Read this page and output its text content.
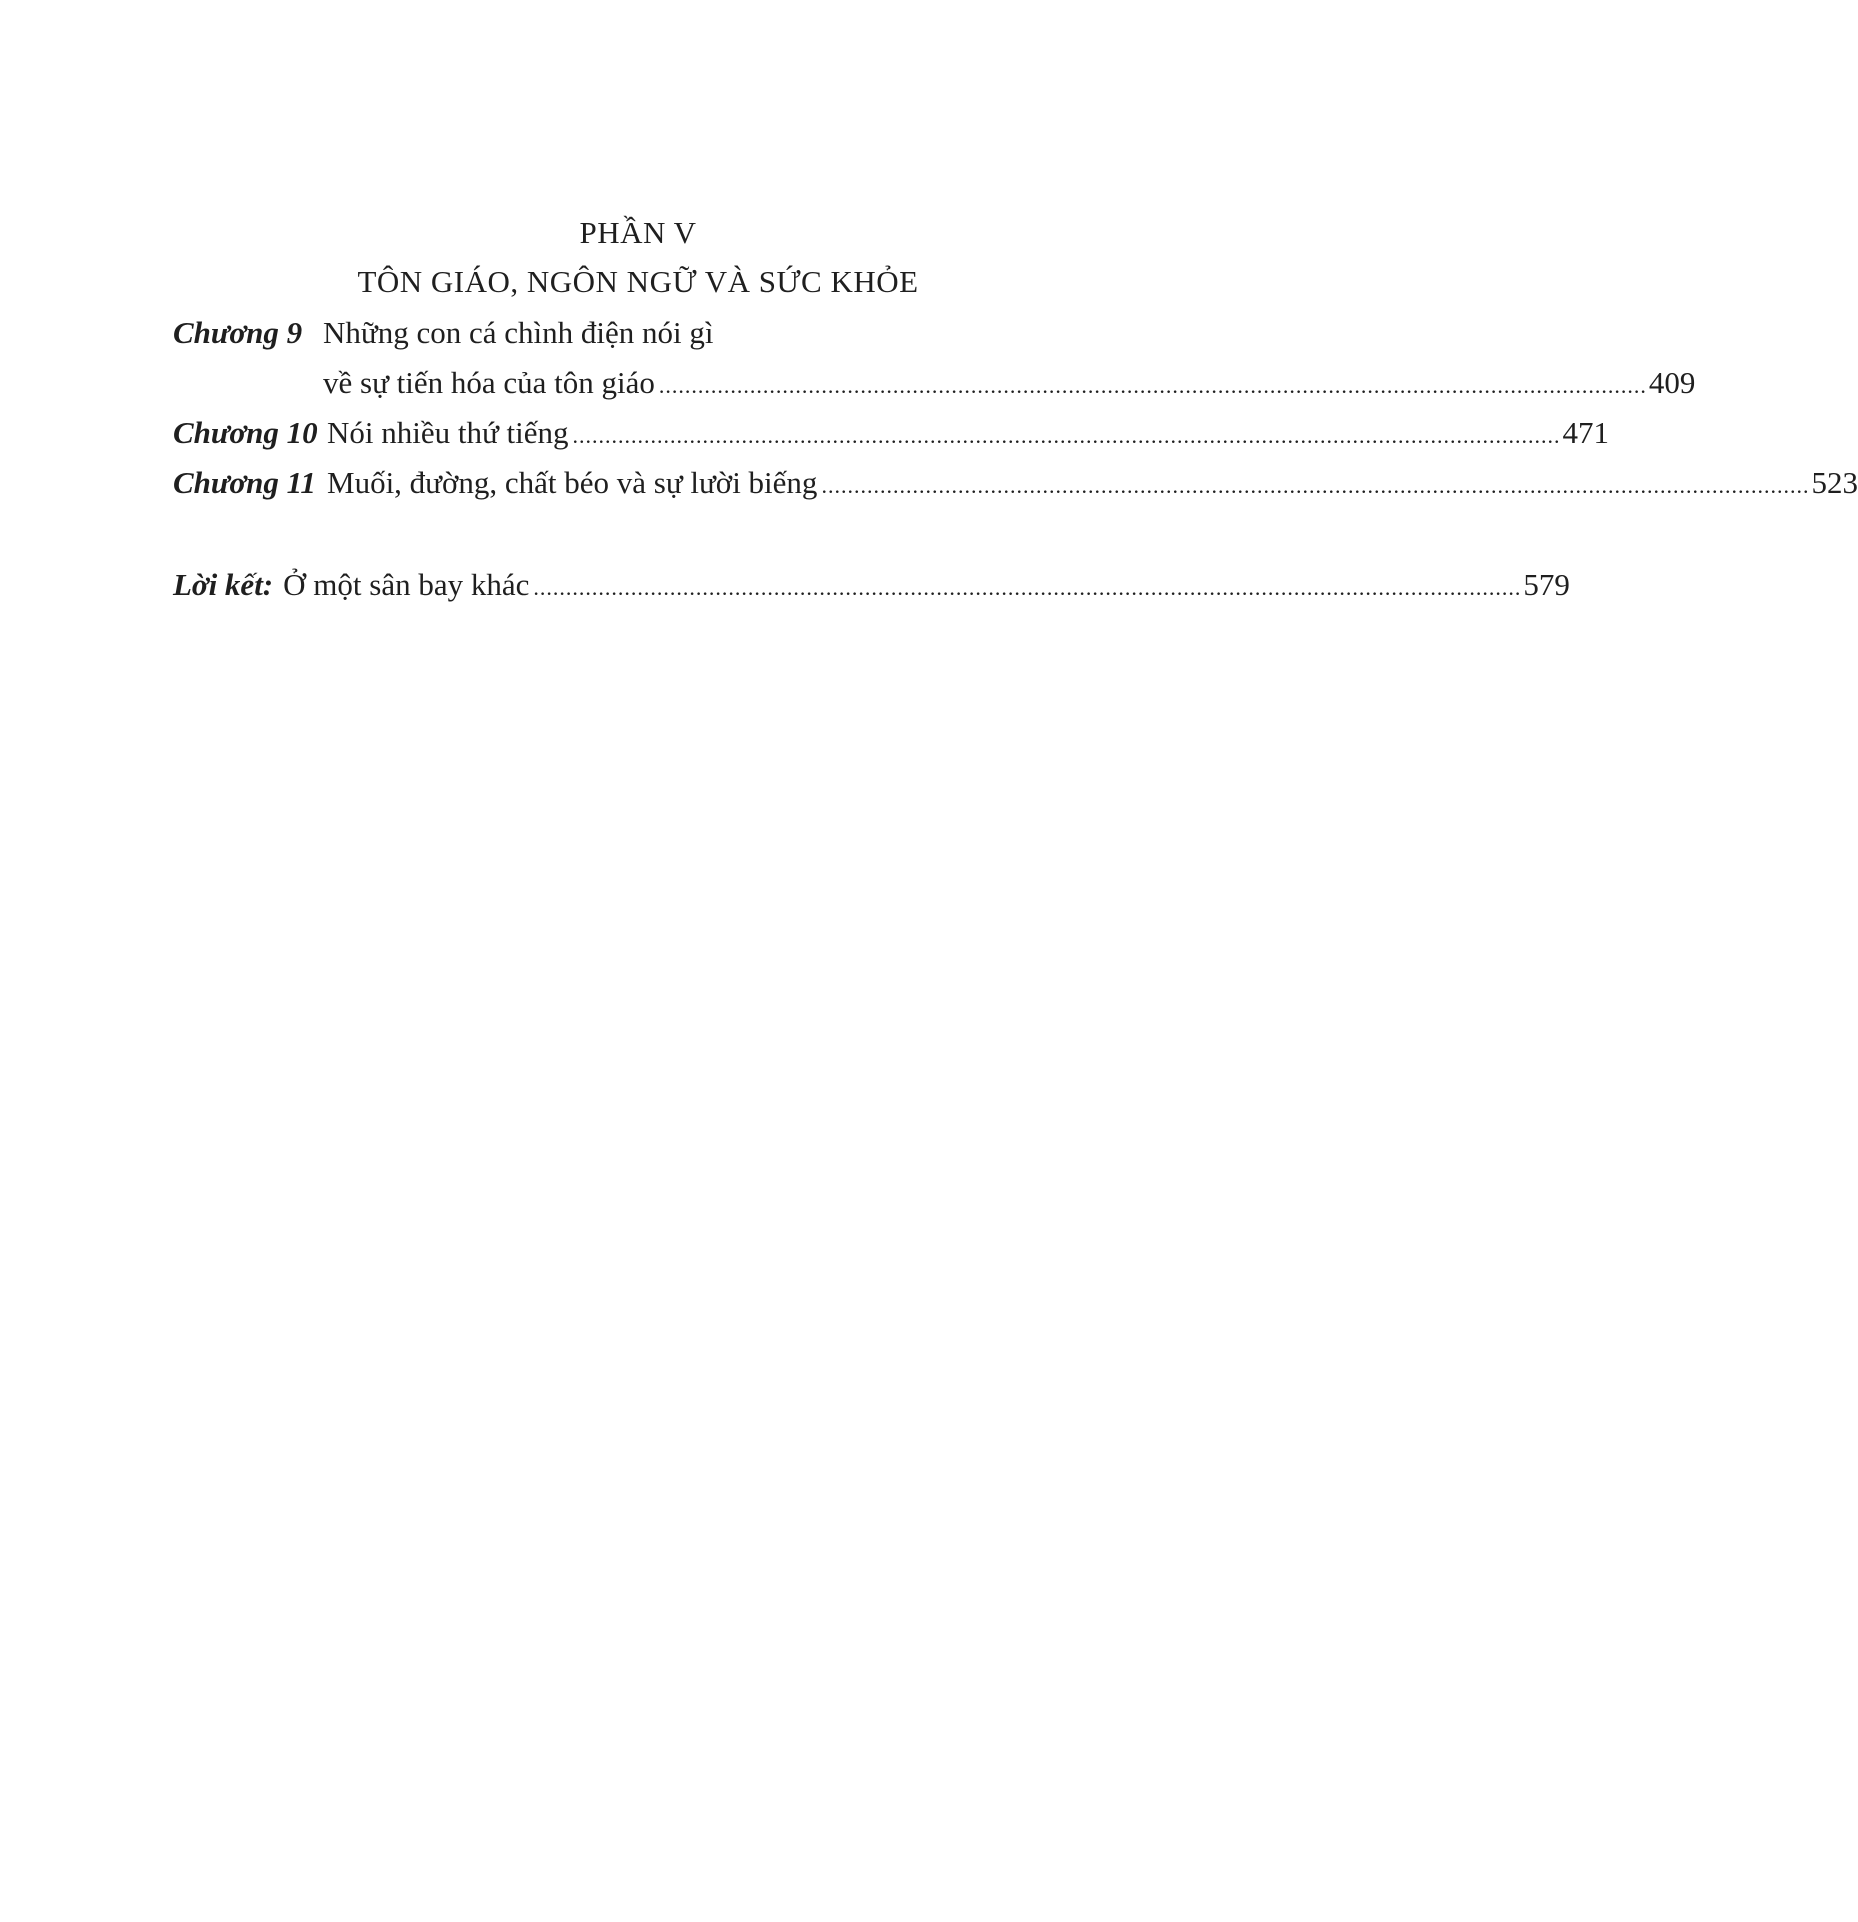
PHẦN V
TÔN GIÁO, NGÔN NGỮ VÀ SỨC KHỎE
Chương 9 Những con cá chình điện nói gì
về sự tiến hóa của tôn giáo ........................................................................................................................................................ 409
Chương 10 Nói nhiều thứ tiếng ........................................................................................................................................................ 471
Chương 11 Muối, đường, chất béo và sự lười biếng ........................................................................................................................................................ 523
Lời kết: Ở một sân bay khác ........................................................................................................................................................ 579
